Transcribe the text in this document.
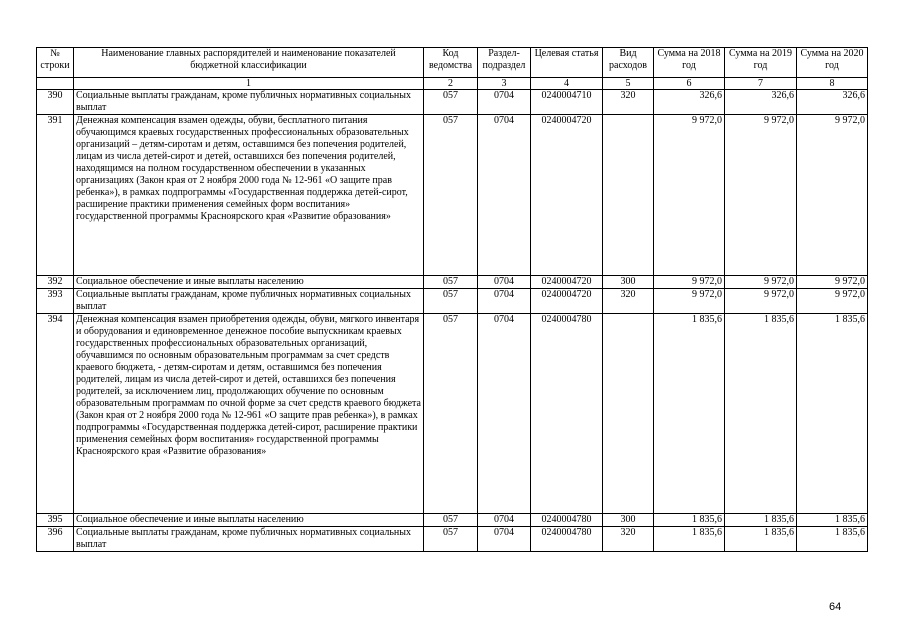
№ строки	Наименование главных распорядителей и наименование показателей бюджетной классификации	Код ведомства	Раздел-подраздел	Целевая статья	Вид расходов	Сумма на 2018 год	Сумма на 2019 год	Сумма на 2020 год
	1	2	3	4	5	6	7	8
390	Социальные выплаты гражданам, кроме публичных нормативных социальных выплат	057	0704	0240004710	320	326,6	326,6	326,6
391	Денежная компенсация взамен одежды, обуви, бесплатного питания обучающимся краевых государственных профессиональных образовательных организаций – детям-сиротам и детям, оставшимся без попечения родителей, лицам из числа детей-сирот и детей, оставшихся без попечения родителей, находящимся на полном государственном обеспечении в указанных организациях (Закон края от 2 ноября 2000 года № 12-961 «О защите прав ребенка»), в рамках подпрограммы «Государственная поддержка детей-сирот, расширение практики применения семейных форм воспитания» государственной программы Красноярского края «Развитие образования»	057	0704	0240004720		9 972,0	9 972,0	9 972,0
392	Социальное обеспечение и иные выплаты населению	057	0704	0240004720	300	9 972,0	9 972,0	9 972,0
393	Социальные выплаты гражданам, кроме публичных нормативных социальных выплат	057	0704	0240004720	320	9 972,0	9 972,0	9 972,0
394	Денежная компенсация взамен приобретения одежды, обуви, мягкого инвентаря и оборудования и единовременное денежное пособие выпускникам краевых государственных профессиональных образовательных организаций, обучавшимся по основным образовательным программам за счет средств краевого бюджета, - детям-сиротам и детям, оставшимся без попечения родителей, лицам из числа детей-сирот и детей, оставшихся без попечения родителей, за исключением лиц, продолжающих обучение по основным образовательным программам по очной форме за счет средств краевого бюджета (Закон края от 2 ноября 2000 года № 12-961 «О защите прав ребенка»), в рамках подпрограммы «Государственная поддержка детей-сирот, расширение практики применения семейных форм воспитания» государственной программы Красноярского края «Развитие образования»	057	0704	0240004780		1 835,6	1 835,6	1 835,6
395	Социальное обеспечение и иные выплаты населению	057	0704	0240004780	300	1 835,6	1 835,6	1 835,6
396	Социальные выплаты гражданам, кроме публичных нормативных социальных выплат	057	0704	0240004780	320	1 835,6	1 835,6	1 835,6
64
